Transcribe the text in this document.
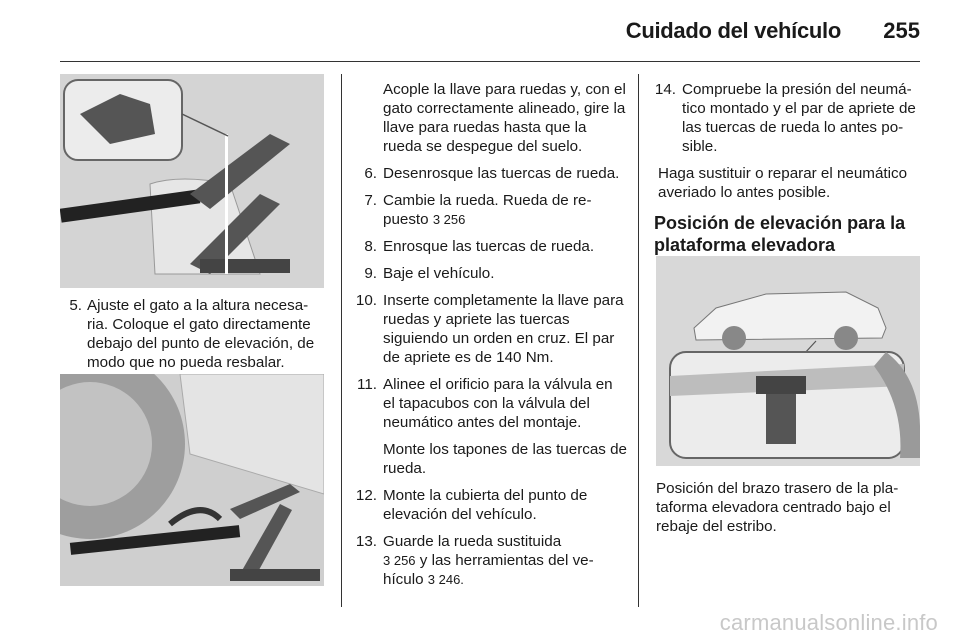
Cuidado del vehículo 255
5. Ajuste el gato a la altura necesa-ria. Coloque el gato directamente debajo del punto de elevación, de modo que no pueda resbalar.
Acople la llave para ruedas y, con el gato correctamente alineado, gire la llave para ruedas hasta que la rueda se despegue del suelo.
6. Desenrosque las tuercas de rueda.
7. Cambie la rueda. Rueda de re-puesto 3 256
8. Enrosque las tuercas de rueda.
9. Baje el vehículo.
10. Inserte completamente la llave para ruedas y apriete las tuercas siguiendo un orden en cruz. El par de apriete es de 140 Nm.
11. Alinee el orificio para la válvula en el tapacubos con la válvula del neumático antes del montaje.
Monte los tapones de las tuercas de rueda.
12. Monte la cubierta del punto de elevación del vehículo.
13. Guarde la rueda sustituida
3 256 y las herramientas del ve-hículo 3 246.
14. Compruebe la presión del neumá-tico montado y el par de apriete de las tuercas de rueda lo antes po-sible.
Haga sustituir o reparar el neumático averiado lo antes posible.
Posición de elevación para la plataforma elevadora
Posición del brazo trasero de la pla-taforma elevadora centrado bajo el rebaje del estribo.
carmanualsonline.info
